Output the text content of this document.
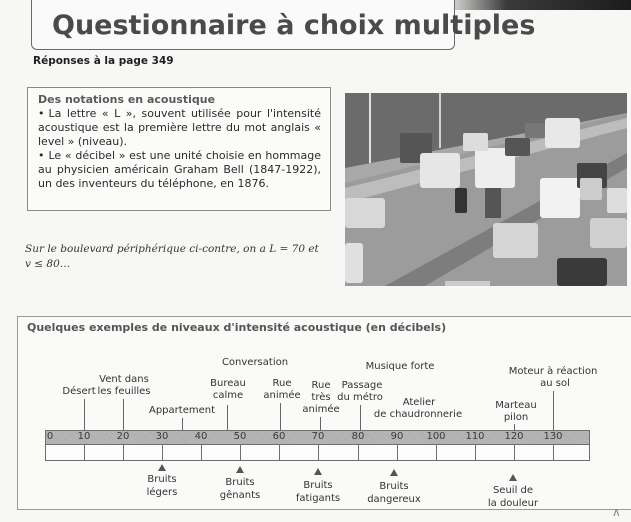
Questionnaire à choix multiples
Réponses à la page 349
Des notations en acoustique
• La lettre « L », souvent utilisée pour l'intensité acoustique est la première lettre du mot anglais « level » (niveau).
• Le « décibel » est une unité choisie en hommage au physicien américain Graham Bell (1847-1922), un des inventeurs du téléphone, en 1876.
Sur le boulevard périphérique ci-contre, on a L = 70 et
v ≤ 80…
Quelques exemples de niveaux d'intensité acoustique (en décibels)
Désert
Vent dans
les feuilles
Appartement
Conversation
Bureau
calme
Rue
animée
Rue
très
animée
Passage
du métro
Musique forte
Atelier
de chaudronnerie
Marteau
pilon
Moteur à réaction
au sol
0 10	20	30	40	50	60	70	80	90 100 110 120 130
Bruits
légers
Bruits
gênants
Bruits
fatigants
Bruits
dangereux
Seuil de
la douleur
∧
